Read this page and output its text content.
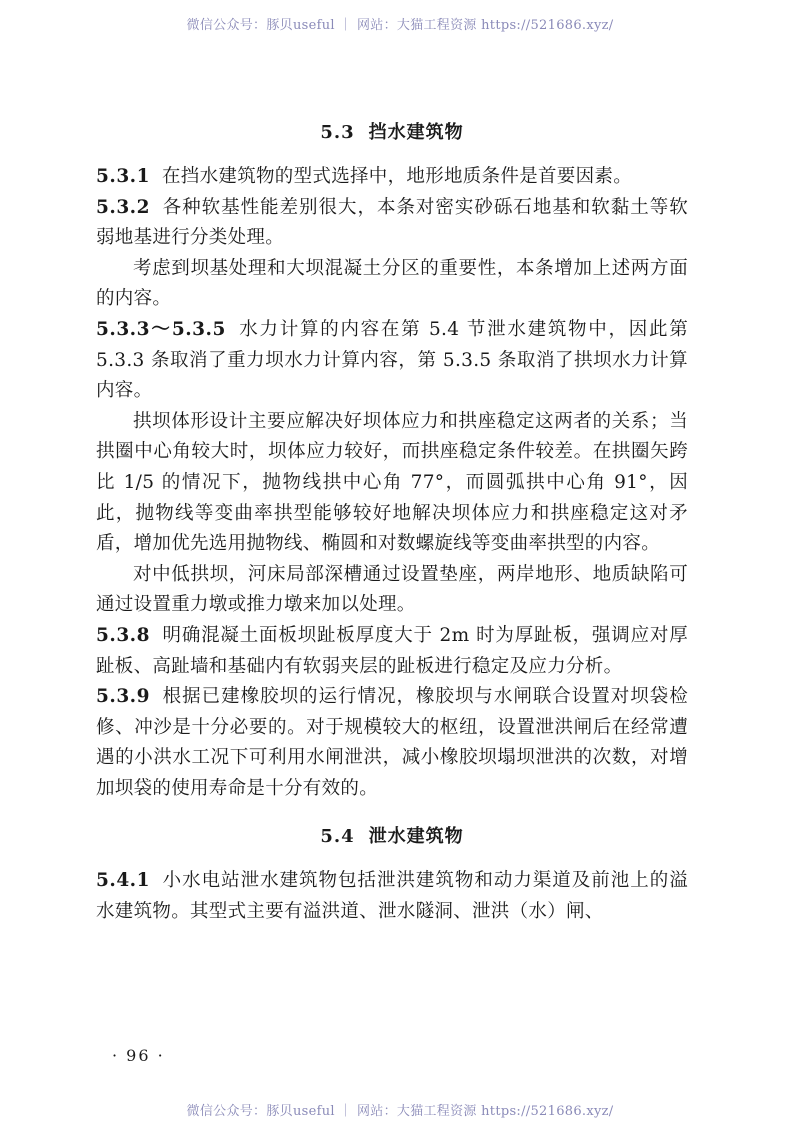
微信公众号：豚贝useful ｜ 网站：大猫工程资源 https://521686.xyz/
5.3 挡水建筑物

5.3.1 在挡水建筑物的型式选择中，地形地质条件是首要因素。

5.3.2 各种软基性能差别很大，本条对密实砂砾石地基和软黏土等软弱地基进行分类处理。

考虑到坝基处理和大坝混凝土分区的重要性，本条增加上述两方面的内容。

5.3.3～5.3.5 水力计算的内容在第 5.4 节泄水建筑物中，因此第 5.3.3 条取消了重力坝水力计算内容，第 5.3.5 条取消了拱坝水力计算内容。

拱坝体形设计主要应解决好坝体应力和拱座稳定这两者的关系；当拱圈中心角较大时，坝体应力较好，而拱座稳定条件较差。在拱圈矢跨比 1/5 的情况下，抛物线拱中心角 77°，而圆弧拱中心角 91°，因此，抛物线等变曲率拱型能够较好地解决坝体应力和拱座稳定这对矛盾，增加优先选用抛物线、椭圆和对数螺旋线等变曲率拱型的内容。

对中低拱坝，河床局部深槽通过设置垫座，两岸地形、地质缺陷可通过设置重力墩或推力墩来加以处理。

5.3.8 明确混凝土面板坝趾板厚度大于 2m 时为厚趾板，强调应对厚趾板、高趾墙和基础内有软弱夹层的趾板进行稳定及应力分析。

5.3.9 根据已建橡胶坝的运行情况，橡胶坝与水闸联合设置对坝袋检修、冲沙是十分必要的。对于规模较大的枢纽，设置泄洪闸后在经常遭遇的小洪水工况下可利用水闸泄洪，减小橡胶坝塌坝泄洪的次数，对增加坝袋的使用寿命是十分有效的。

5.4 泄水建筑物

5.4.1 小水电站泄水建筑物包括泄洪建筑物和动力渠道及前池上的溢水建筑物。其型式主要有溢洪道、泄水隧洞、泄洪（水）闸、

· 96 ·
微信公众号：豚贝useful ｜ 网站：大猫工程资源 https://521686.xyz/
